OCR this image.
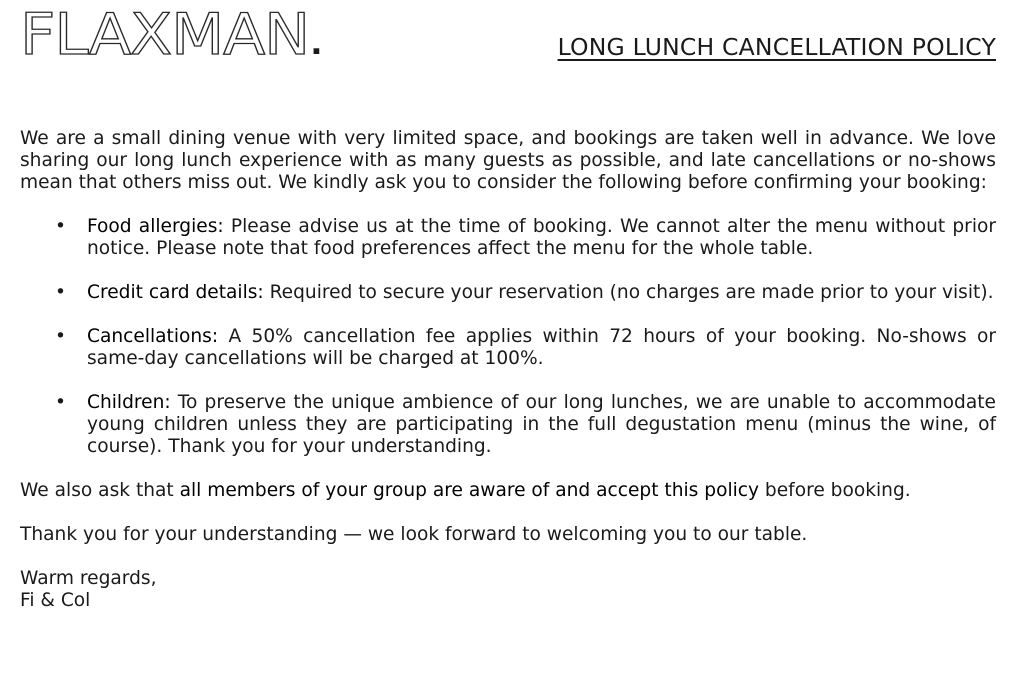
FLAXMAN.	LONG LUNCH CANCELLATION POLICY

We are a small dining venue with very limited space, and bookings are taken well in advance. We love sharing our long lunch experience with as many guests as possible, and late cancellations or no-shows mean that others miss out. We kindly ask you to consider the following before confirming your booking:

• Food allergies: Please advise us at the time of booking. We cannot alter the menu without prior notice. Please note that food preferences affect the menu for the whole table.
• Credit card details: Required to secure your reservation (no charges are made prior to your visit).
• Cancellations: A 50% cancellation fee applies within 72 hours of your booking. No-shows or same-day cancellations will be charged at 100%.
• Children: To preserve the unique ambience of our long lunches, we are unable to accommodate young children unless they are participating in the full degustation menu (minus the wine, of course). Thank you for your understanding.

We also ask that all members of your group are aware of and accept this policy before booking.

Thank you for your understanding — we look forward to welcoming you to our table.

Warm regards,

Fi & Col
